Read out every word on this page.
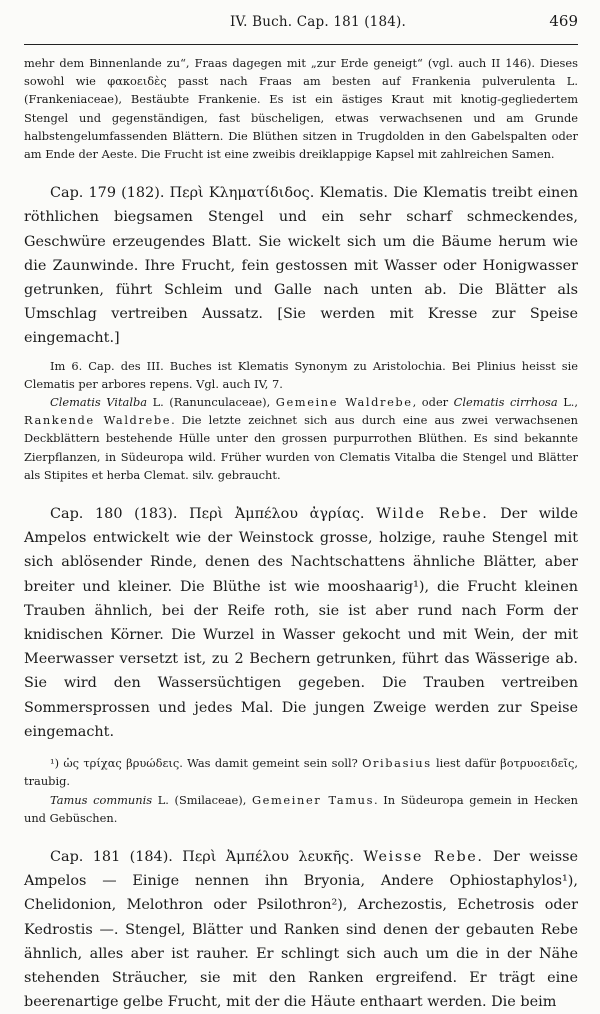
IV. Buch. Cap. 181 (184).	469

mehr dem Binnenlande zu“, Fraas dagegen mit „zur Erde geneigt“ (vgl. auch II 146). Dieses sowohl wie φακοειδὲς passt nach Fraas am besten auf Frankenia pulverulenta L. (Frankeniaceae), Bestäubte Frankenie. Es ist ein ästiges Kraut mit knotig-gegliedertem Stengel und gegenständigen, fast büscheligen, etwas verwachsenen und am Grunde halbstengelumfassenden Blättern. Die Blüthen sitzen in Trugdolden in den Gabelspalten oder am Ende der Aeste. Die Frucht ist eine zweibis dreiklappige Kapsel mit zahlreichen Samen.

Cap. 179 (182). Περὶ Κληματίδιδος. Klematis. Die Klematis treibt einen röthlichen biegsamen Stengel und ein sehr scharf schmeckendes, Geschwüre erzeugendes Blatt. Sie wickelt sich um die Bäume herum wie die Zaunwinde. Ihre Frucht, fein gestossen mit Wasser oder Honigwasser getrunken, führt Schleim und Galle nach unten ab. Die Blätter als Umschlag vertreiben Aussatz. [Sie werden mit Kresse zur Speise eingemacht.]

Im 6. Cap. des III. Buches ist Klematis Synonym zu Aristolochia. Bei Plinius heisst sie Clematis per arbores repens. Vgl. auch IV, 7.

Clematis Vitalba L. (Ranunculaceae), Gemeine Waldrebe, oder Clematis cirrhosa L., Rankende Waldrebe. Die letzte zeichnet sich aus durch eine aus zwei verwachsenen Deckblättern bestehende Hülle unter den grossen purpurrothen Blüthen. Es sind bekannte Zierpflanzen, in Südeuropa wild. Früher wurden von Clematis Vitalba die Stengel und Blätter als Stipites et herba Clemat. silv. gebraucht.

Cap. 180 (183). Περὶ Ἀμπέλου ἀγρίας. Wilde Rebe. Der wilde Ampelos entwickelt wie der Weinstock grosse, holzige, rauhe Stengel mit sich ablösender Rinde, denen des Nachtschattens ähnliche Blätter, aber breiter und kleiner. Die Blüthe ist wie mooshaarig¹), die Frucht kleinen Trauben ähnlich, bei der Reife roth, sie ist aber rund nach Form der knidischen Körner. Die Wurzel in Wasser gekocht und mit Wein, der mit Meerwasser versetzt ist, zu 2 Bechern getrunken, führt das Wässerige ab. Sie wird den Wassersüchtigen gegeben. Die Trauben vertreiben Sommersprossen und jedes Mal. Die jungen Zweige werden zur Speise eingemacht.

¹) ὡς τρίχας βρυώδεις. Was damit gemeint sein soll? Oribasius liest dafür βοτρυοειδεῖς, traubig.

Tamus communis L. (Smilaceae), Gemeiner Tamus. In Südeuropa gemein in Hecken und Gebüschen.

Cap. 181 (184). Περὶ Ἀμπέλου λευκῆς. Weisse Rebe. Der weisse Ampelos — Einige nennen ihn Bryonia, Andere Ophiostaphylos¹), Chelidonion, Melothron oder Psilothron²), Archezostis, Echetrosis oder Kedrostis —. Stengel, Blätter und Ranken sind denen der gebauten Rebe ähnlich, alles aber ist rauher. Er schlingt sich auch um die in der Nähe stehenden Sträucher, sie mit den Ranken ergreifend. Er trägt eine beerenartige gelbe Frucht, mit der die Häute enthaart werden. Die beim
